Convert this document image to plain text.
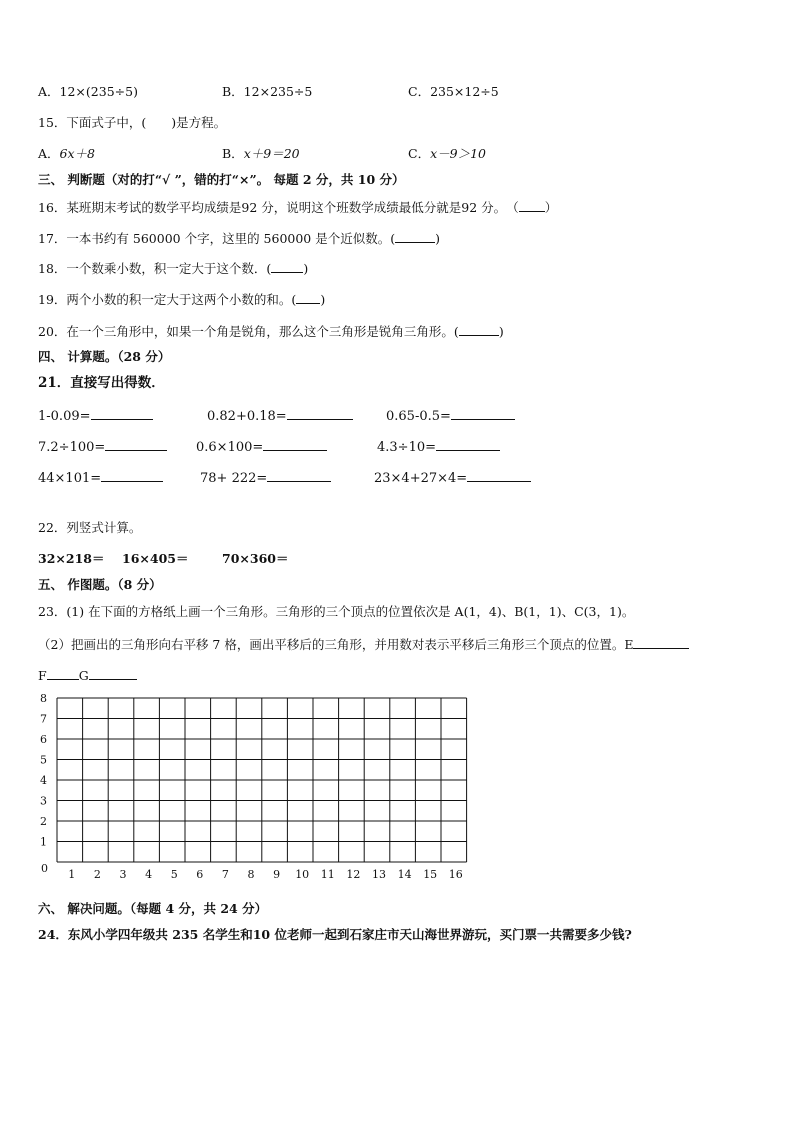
A．12×(235÷5)	B．12×235÷5	C．235×12÷5
15．下面式子中，(　　)是方程。
A．6x＋8	B．x＋9＝20	C．x－9＞10
三、 判断题（对的打“√ ”，错的打“×”。 每题 2 分，共 10 分）
16．某班期末考试的数学平均成绩是92 分，说明这个班数学成绩最低分就是92 分。　 （ ）
17．一本书约有 560000 个字，这里的 560000 是个近似数。(	)
18．一个数乘小数，积一定大于这个数．(	)
19．两个小数的积一定大于这两个小数的和。( )
20．在一个三角形中，如果一个角是锐角，那么这个三角形是锐角三角形。(	)
四、 计算题。（28 分）
21．直接写出得数．
1-0.09=	0.82+0.18=	0.65-0.5=
7.2÷100=	0.6×100=	4.3÷10=
44×101=	78+ 222=	23×4+27×4=
22．列竖式计算。
32×218＝ 16×405＝	70×360＝
五、 作图题。（8 分）
23．(1) 在下面的方格纸上画一个三角形。三角形的三个顶点的位置依次是 A(1，4)、B(1，1)、C(3，1)。
（2）把画出的三角形向右平移 7 格，画出平移后的三角形，并用数对表示平移后三角形三个顶点的位置。E
F	G
1
2
3
4
5
6
7
8
0 1 2 3 4 5 6 7 8 9 10 11 12 13 14 15 16
六、 解决问题。（每题 4 分，共 24 分）
24．东风小学四年级共 235 名学生和10 位老师一起到石家庄市天山海世界游玩，买门票一共需要多少钱?
